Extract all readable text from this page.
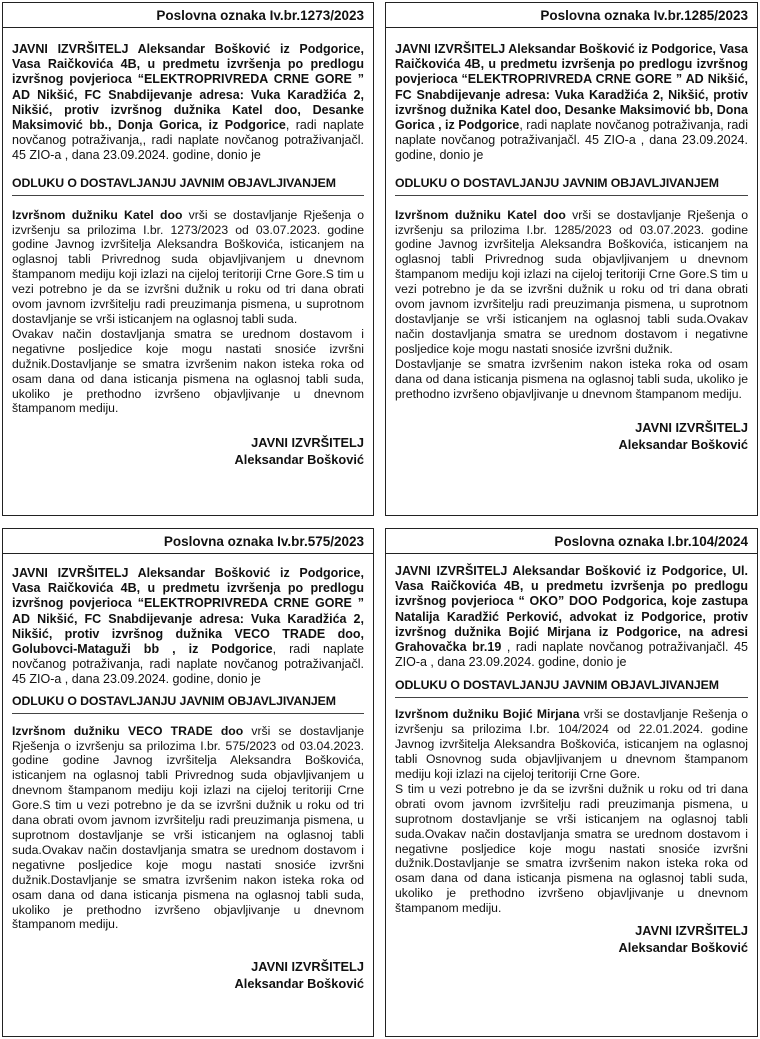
Poslovna oznaka Iv.br.1273/2023
JAVNI IZVRŠITELJ Aleksandar Bošković iz Podgorice, Vasa Raičkovića 4B, u predmetu izvršenja po predlogu izvršnog povjerioca “ELEKTROPRIVREDA CRNE GORE ” AD Nikšić, FC Snabdijevanje adresa: Vuka Karadžića 2, Nikšić, protiv izvršnog dužnika Katel doo, Desanke Maksimović bb., Donja Gorica, iz Podgorice, radi naplate novčanog potraživanja,, radi naplate novčanog potraživanjačl. 45 ZIO-a , dana 23.09.2024. godine, donio je
ODLUKU O DOSTAVLJANJU JAVNIM OBJAVLJIVANJEM

Izvršnom dužniku Katel doo vrši se dostavljanje Rješenja o izvršenju sa prilozima I.br. 1273/2023 od 03.07.2023. godine godine Javnog izvršitelja Aleksandra Boškovića, isticanjem na oglasnoj tabli Privrednog suda objavljivanjem u dnevnom štampanom mediju koji izlazi na cijeloj teritoriji Crne Gore.S tim u vezi potrebno je da se izvršni dužnik u roku od tri dana obrati ovom javnom izvršitelju radi preuzimanja pismena, u suprotnom dostavljanje se vrši isticanjem na oglasnoj tabli suda.

Ovakav način dostavljanja smatra se urednom dostavom i negativne posljedice koje mogu nastati snosiće izvršni dužnik.Dostavljanje se smatra izvršenim nakon isteka roka od osam dana od dana isticanja pismena na oglasnoj tabli suda, ukoliko je prethodno izvršeno objavljivanje u dnevnom štampanom mediju.

JAVNI IZVRŠITELJ
Aleksandar Bošković
Poslovna oznaka Iv.br.1285/2023
JAVNI IZVRŠITELJ Aleksandar Bošković iz Podgorice, Vasa Raičkovića 4B, u predmetu izvršenja po predlogu izvršnog povjerioca “ELEKTROPRIVREDA CRNE GORE ” AD Nikšić, FC Snabdijevanje adresa: Vuka Karadžića 2, Nikšić, protiv izvršnog dužnika Katel doo, Desanke Maksimović bb, Dona Gorica , iz Podgorice, radi naplate novčanog potraživanja, radi naplate novčanog potraživanjačl. 45 ZIO-a , dana 23.09.2024. godine, donio je
ODLUKU O DOSTAVLJANJU JAVNIM OBJAVLJIVANJEM

Izvršnom dužniku Katel doo vrši se dostavljanje Rješenja o izvršenju sa prilozima I.br. 1285/2023 od 03.07.2023. godine godine Javnog izvršitelja Aleksandra Boškovića, isticanjem na oglasnoj tabli Privrednog suda objavljivanjem u dnevnom štampanom mediju koji izlazi na cijeloj teritoriji Crne Gore.S tim u vezi potrebno je da se izvršni dužnik u roku od tri dana obrati ovom javnom izvršitelju radi preuzimanja pismena, u suprotnom dostavljanje se vrši isticanjem na oglasnoj tabli suda.Ovakav način dostavljanja smatra se urednom dostavom i negativne posljedice koje mogu nastati snosiće izvršni dužnik.

Dostavljanje se smatra izvršenim nakon isteka roka od osam dana od dana isticanja pismena na oglasnoj tabli suda, ukoliko je prethodno izvršeno objavljivanje u dnevnom štampanom mediju.

JAVNI IZVRŠITELJ
Aleksandar Bošković
Poslovna oznaka Iv.br.575/2023
JAVNI IZVRŠITELJ Aleksandar Bošković iz Podgorice, Vasa Raičkovića 4B, u predmetu izvršenja po predlogu izvršnog povjerioca “ELEKTROPRIVREDA CRNE GORE ” AD Nikšić, FC Snabdijevanje adresa: Vuka Karadžića 2, Nikšić, protiv izvršnog dužnika VECO TRADE doo, Golubovci-Mataguži bb , iz Podgorice, radi naplate novčanog potraživanja, radi naplate novčanog potraživanjačl. 45 ZIO-a , dana 23.09.2024. godine, donio je
ODLUKU O DOSTAVLJANJU JAVNIM OBJAVLJIVANJEM

Izvršnom dužniku VECO TRADE doo vrši se dostavljanje Rješenja o izvršenju sa prilozima I.br. 575/2023 od 03.04.2023. godine godine Javnog izvršitelja Aleksandra Boškovića, isticanjem na oglasnoj tabli Privrednog suda objavljivanjem u dnevnom štampanom mediju koji izlazi na cijeloj teritoriji Crne Gore.S tim u vezi potrebno je da se izvršni dužnik u roku od tri dana obrati ovom javnom izvršitelju radi preuzimanja pismena, u suprotnom dostavljanje se vrši isticanjem na oglasnoj tabli suda.Ovakav način dostavljanja smatra se urednom dostavom i negativne posljedice koje mogu nastati snosiće izvršni dužnik.Dostavljanje se smatra izvršenim nakon isteka roka od osam dana od dana isticanja pismena na oglasnoj tabli suda, ukoliko je prethodno izvršeno objavljivanje u dnevnom štampanom mediju.

JAVNI IZVRŠITELJ
Aleksandar Bošković
Poslovna oznaka I.br.104/2024
JAVNI IZVRŠITELJ Aleksandar Bošković iz Podgorice, Ul. Vasa Raičkovića 4B, u predmetu izvršenja po predlogu izvršnog povjerioca “ OKO” DOO Podgorica, koje zastupa Natalija Karadžić Perković, advokat iz Podgorice, protiv izvršnog dužnika Bojić Mirjana iz Podgorice, na adresi Grahovačka br.19 , radi naplate novčanog potraživanjačl. 45 ZIO-a , dana 23.09.2024. godine, donio je
ODLUKU O DOSTAVLJANJU JAVNIM OBJAVLJIVANJEM

Izvršnom dužniku Bojić Mirjana vrši se dostavljanje Rešenja o izvršenju sa prilozima I.br. 104/2024 od 22.01.2024. godine Javnog izvršitelja Aleksandra Boškovića, isticanjem na oglasnoj tabli Osnovnog suda objavljivanjem u dnevnom štampanom mediju koji izlazi na cijeloj teritoriji Crne Gore.

S tim u vezi potrebno je da se izvršni dužnik u roku od tri dana obrati ovom javnom izvršitelju radi preuzimanja pismena, u suprotnom dostavljanje se vrši isticanjem na oglasnoj tabli suda.Ovakav način dostavljanja smatra se urednom dostavom i negativne posljedice koje mogu nastati snosiće izvršni dužnik.Dostavljanje se smatra izvršenim nakon isteka roka od osam dana od dana isticanja pismena na oglasnoj tabli suda, ukoliko je prethodno izvršeno objavljivanje u dnevnom štampanom mediju.

JAVNI IZVRŠITELJ
Aleksandar Bošković
